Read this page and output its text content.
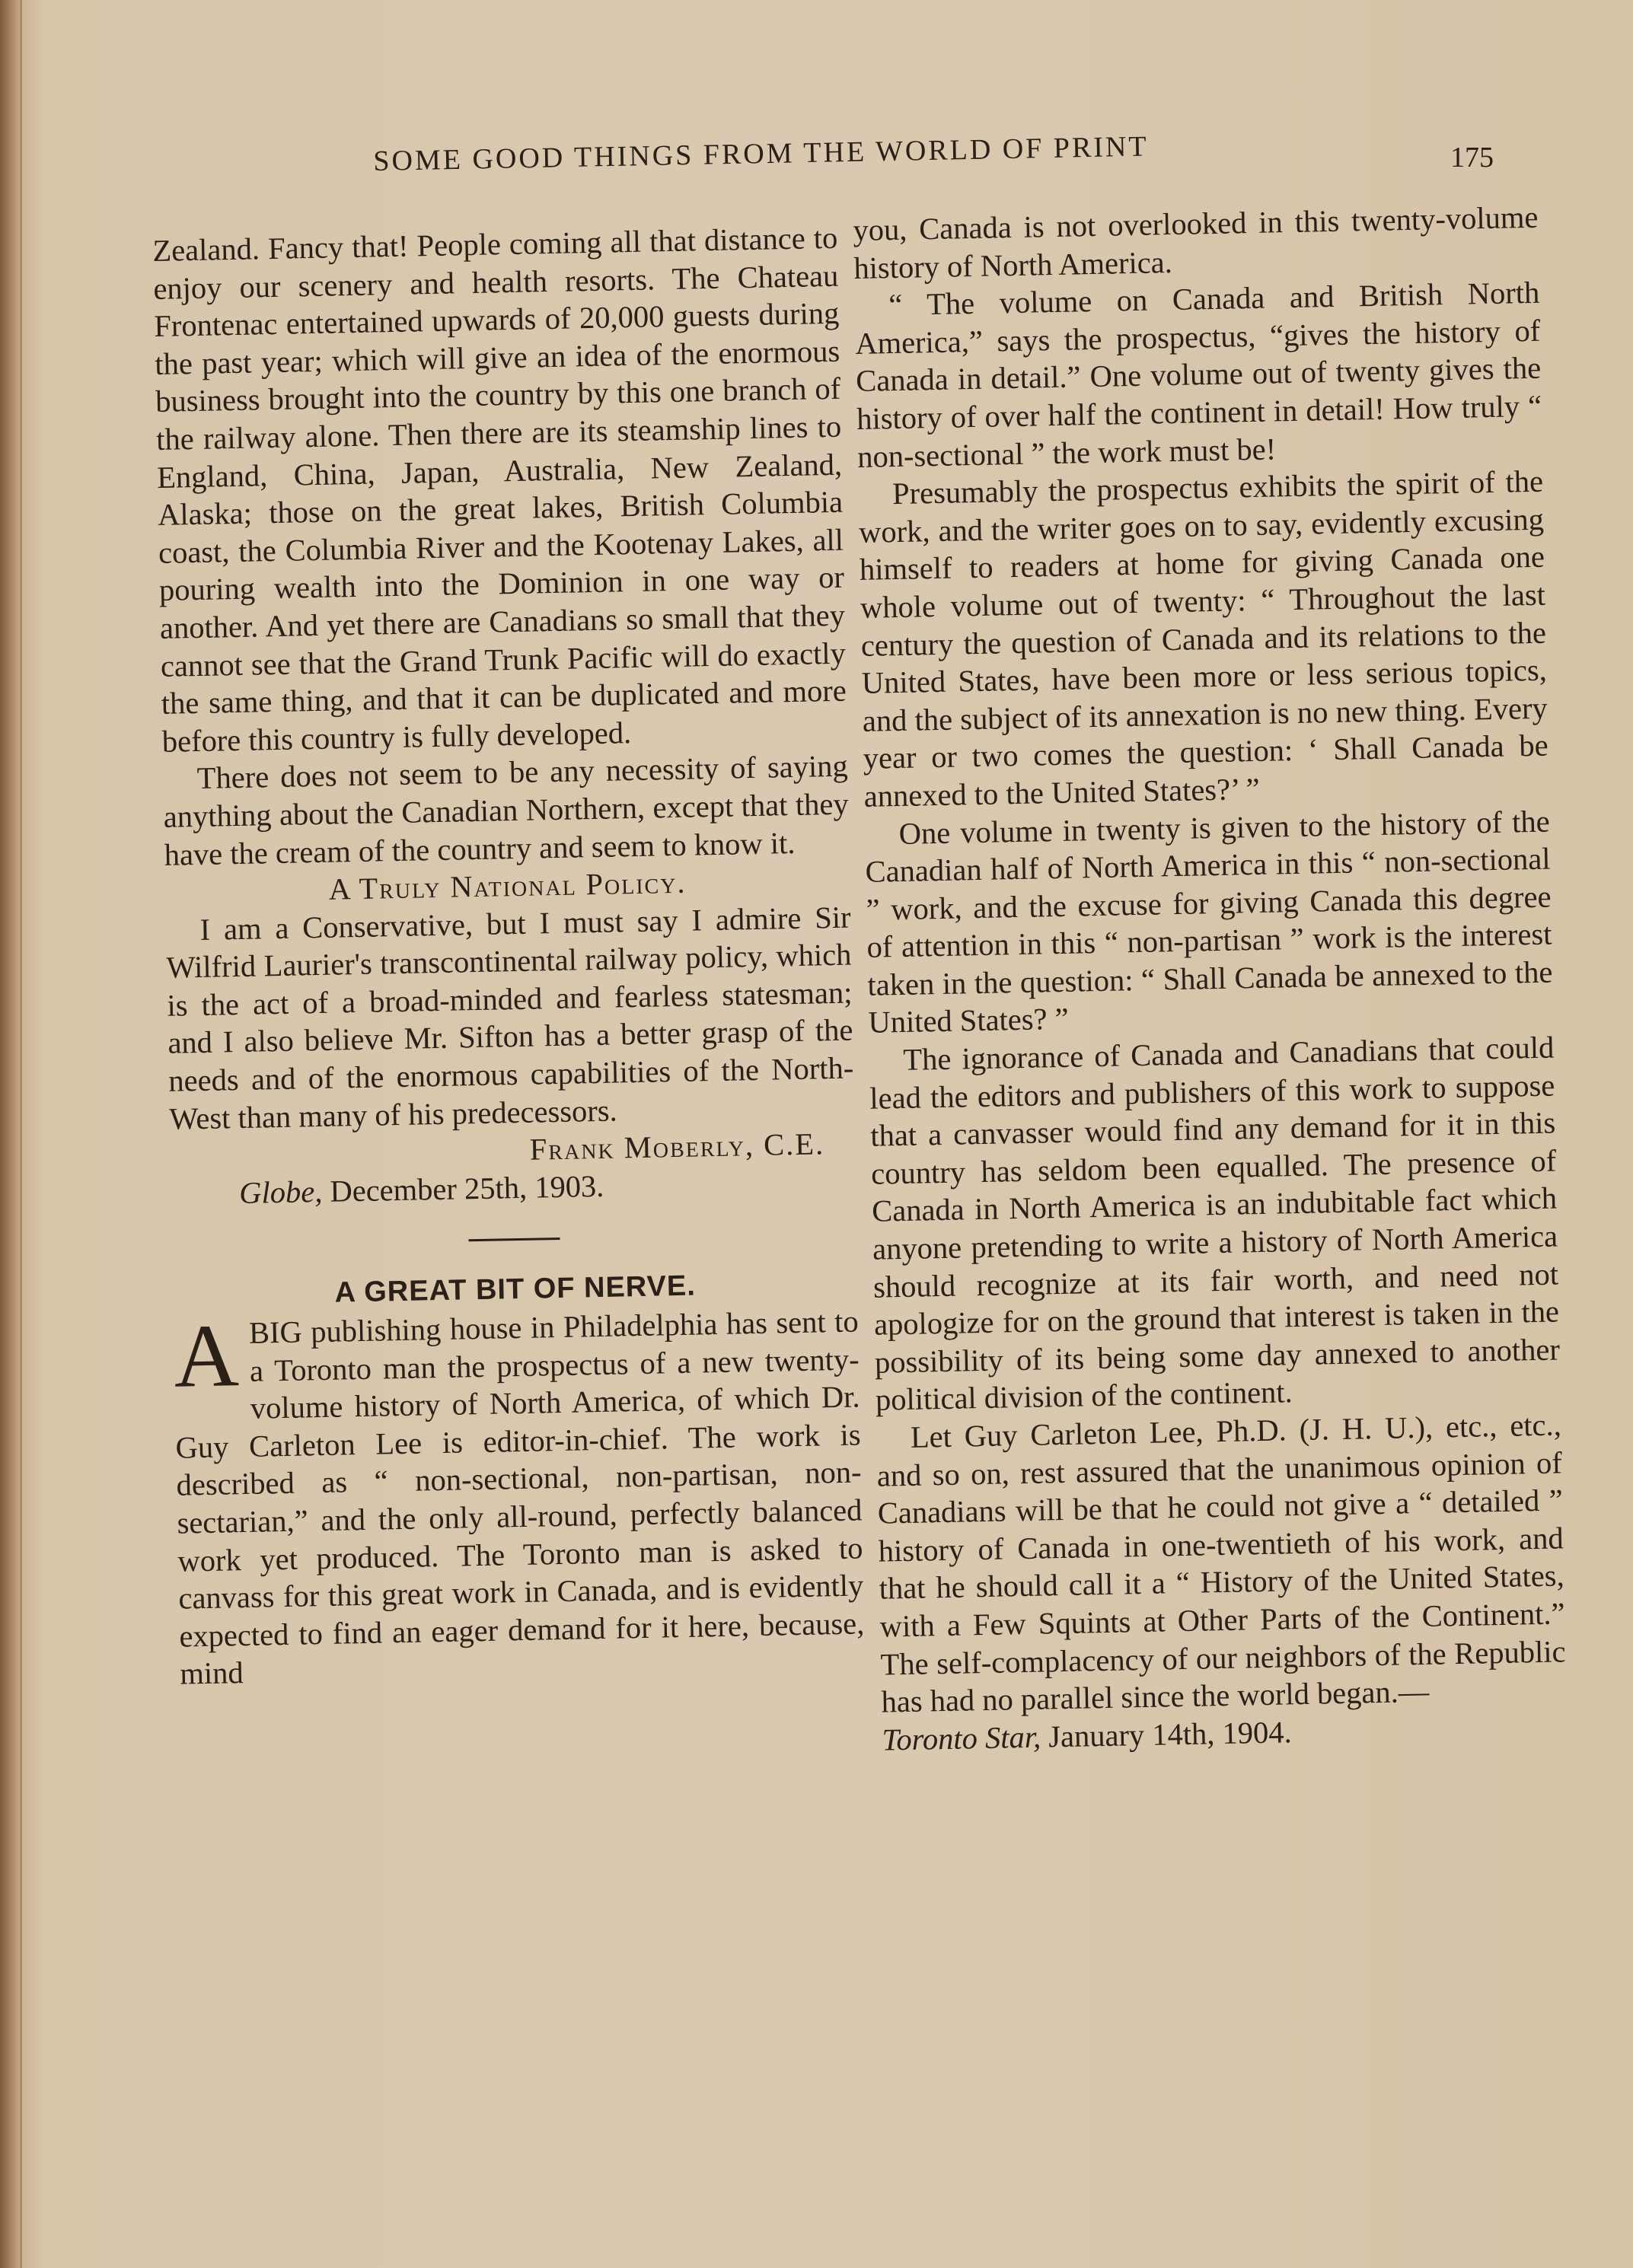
SOME GOOD THINGS FROM THE WORLD OF PRINT	175

Zealand. Fancy that! People coming all that distance to enjoy our scenery and health resorts. The Chateau Frontenac entertained upwards of 20,000 guests during the past year; which will give an idea of the enormous business brought into the country by this one branch of the railway alone. Then there are its steamship lines to England, China, Japan, Australia, New Zealand, Alaska; those on the great lakes, British Columbia coast, the Columbia River and the Kootenay Lakes, all pouring wealth into the Dominion in one way or another. And yet there are Canadians so small that they cannot see that the Grand Trunk Pacific will do exactly the same thing, and that it can be duplicated and more before this country is fully developed.

There does not seem to be any necessity of saying anything about the Canadian Northern, except that they have the cream of the country and seem to know it.

A Truly National Policy.

I am a Conservative, but I must say I admire Sir Wilfrid Laurier's transcontinental railway policy, which is the act of a broad-minded and fearless statesman; and I also believe Mr. Sifton has a better grasp of the needs and of the enormous capabilities of the North-West than many of his predecessors.

Frank Moberly, C.E.

Globe, December 25th, 1903.

A GREAT BIT OF NERVE.

A BIG publishing house in Philadelphia has sent to a Toronto man the prospectus of a new twenty-volume history of North America, of which Dr. Guy Carleton Lee is editor-in-chief. The work is described as “ non-sectional, non-partisan, non-sectarian,” and the only all-round, perfectly balanced work yet produced. The Toronto man is asked to canvass for this great work in Canada, and is evidently expected to find an eager demand for it here, because, mind

you, Canada is not overlooked in this twenty-volume history of North America.

“ The volume on Canada and British North America,” says the prospectus, “gives the history of Canada in detail.” One volume out of twenty gives the history of over half the continent in detail! How truly “ non-sectional ” the work must be!

Presumably the prospectus exhibits the spirit of the work, and the writer goes on to say, evidently excusing himself to readers at home for giving Canada one whole volume out of twenty: “ Throughout the last century the question of Canada and its relations to the United States, have been more or less serious topics, and the subject of its annexation is no new thing. Every year or two comes the question: ‘ Shall Canada be annexed to the United States?’ ”

One volume in twenty is given to the history of the Canadian half of North America in this “ non-sectional ” work, and the excuse for giving Canada this degree of attention in this “ non-partisan ” work is the interest taken in the question: “ Shall Canada be annexed to the United States? ”

The ignorance of Canada and Canadians that could lead the editors and publishers of this work to suppose that a canvasser would find any demand for it in this country has seldom been equalled. The presence of Canada in North America is an indubitable fact which anyone pretending to write a history of North America should recognize at its fair worth, and need not apologize for on the ground that interest is taken in the possibility of its being some day annexed to another political division of the continent.

Let Guy Carleton Lee, Ph.D. (J. H. U.), etc., etc., and so on, rest assured that the unanimous opinion of Canadians will be that he could not give a “ detailed ” history of Canada in one-twentieth of his work, and that he should call it a “ History of the United States, with a Few Squints at Other Parts of the Continent.” The self-complacency of our neighbors of the Republic has had no parallel since the world began.—

Toronto Star, January 14th, 1904.
